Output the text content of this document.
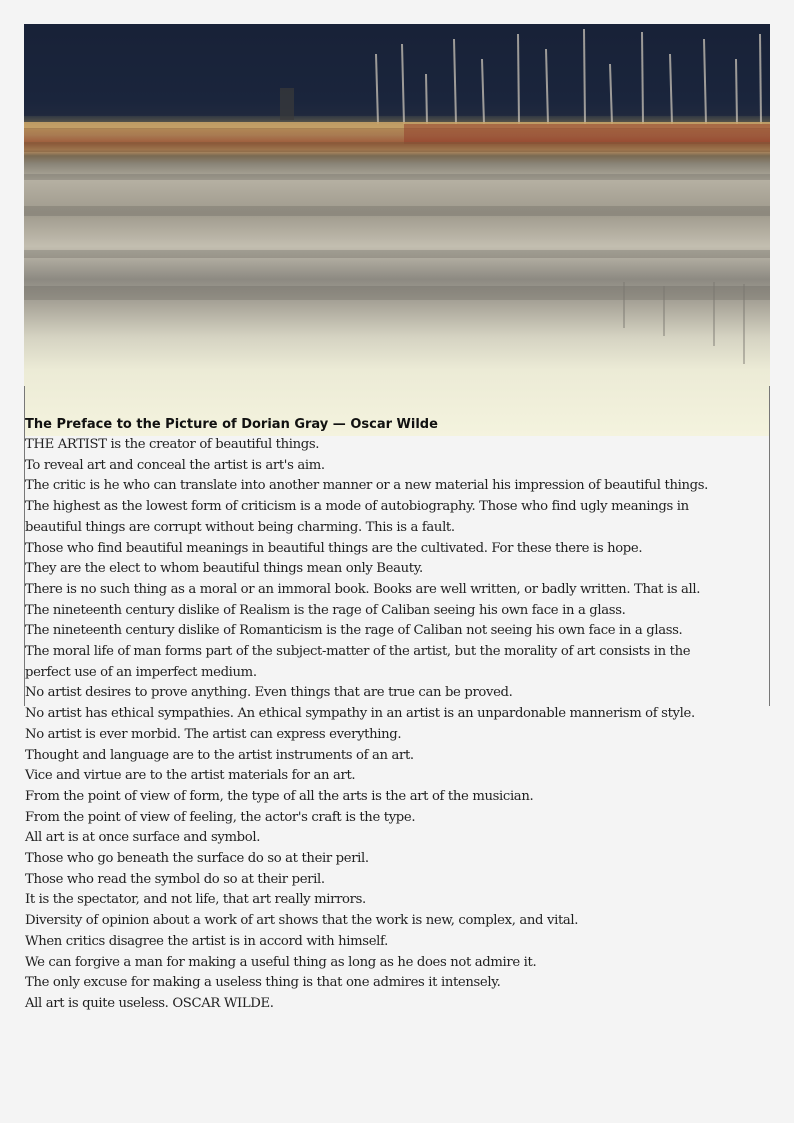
The Preface to the Picture of Dorian Gray — Oscar Wilde
THE ARTIST is the creator of beautiful things.
To reveal art and conceal the artist is art's aim.
The critic is he who can translate into another manner or a new material his impression of beautiful things.
The highest as the lowest form of criticism is a mode of autobiography. Those who find ugly meanings in
beautiful things are corrupt without being charming. This is a fault.
Those who find beautiful meanings in beautiful things are the cultivated. For these there is hope.
They are the elect to whom beautiful things mean only Beauty.
There is no such thing as a moral or an immoral book. Books are well written, or badly written. That is all.
The nineteenth century dislike of Realism is the rage of Caliban seeing his own face in a glass.
The nineteenth century dislike of Romanticism is the rage of Caliban not seeing his own face in a glass.
The moral life of man forms part of the subject-matter of the artist, but the morality of art consists in the
perfect use of an imperfect medium.
No artist desires to prove anything. Even things that are true can be proved.
No artist has ethical sympathies. An ethical sympathy in an artist is an unpardonable mannerism of style.
No artist is ever morbid. The artist can express everything.
Thought and language are to the artist instruments of an art.
Vice and virtue are to the artist materials for an art.
From the point of view of form, the type of all the arts is the art of the musician.
From the point of view of feeling, the actor's craft is the type.
All art is at once surface and symbol.
Those who go beneath the surface do so at their peril.
Those who read the symbol do so at their peril.
It is the spectator, and not life, that art really mirrors.
Diversity of opinion about a work of art shows that the work is new, complex, and vital.
When critics disagree the artist is in accord with himself.
We can forgive a man for making a useful thing as long as he does not admire it.
The only excuse for making a useless thing is that one admires it intensely.
All art is quite useless. OSCAR WILDE.
